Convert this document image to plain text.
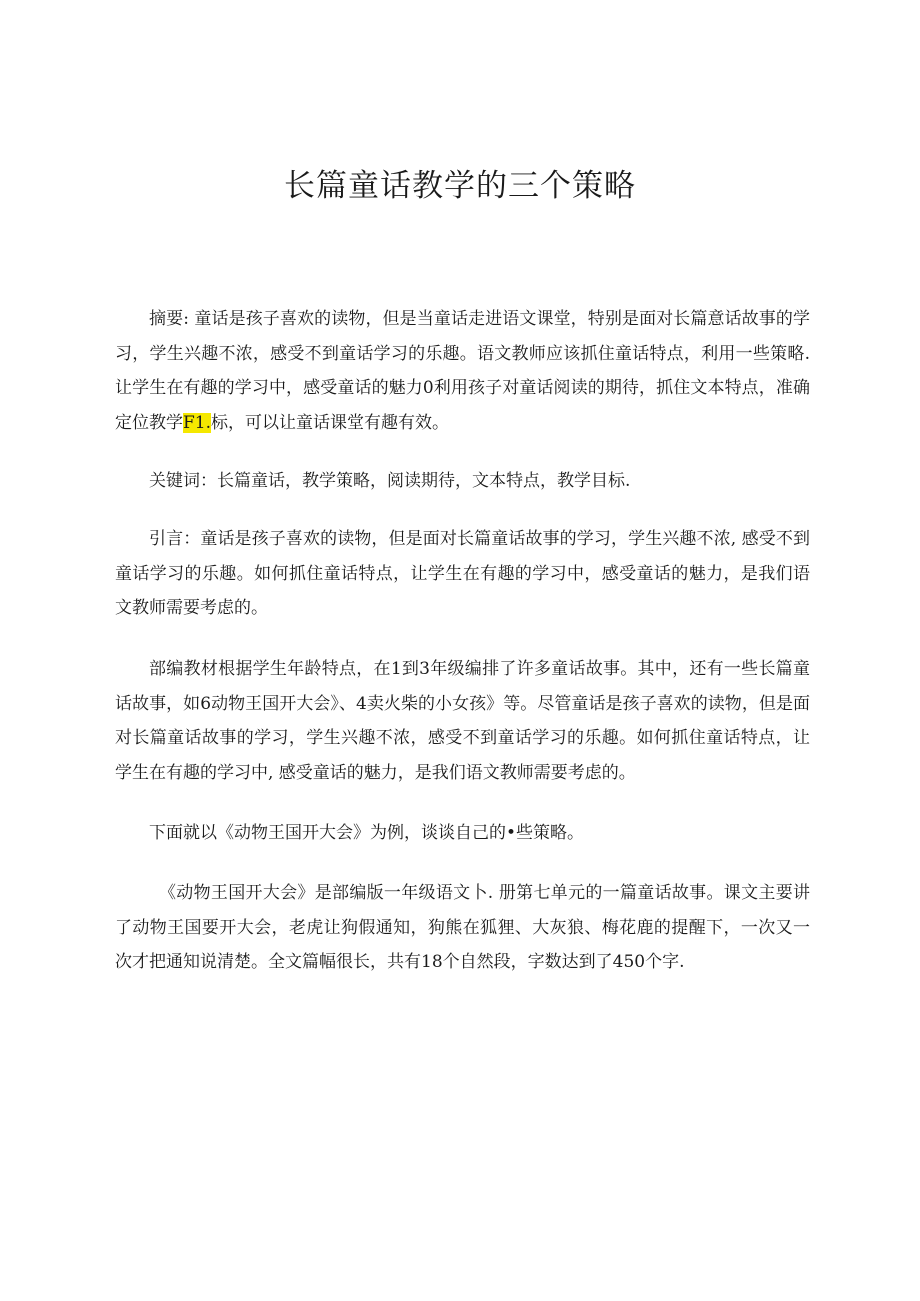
长篇童话教学的三个策略

摘要: 童话是孩子喜欢的读物，但是当童话走进语文课堂，特别是面对长篇意话故事的学习，学生兴趣不浓，感受不到童话学习的乐趣。语文教师应该抓住童话特点，利用一些策略. 让学生在有趣的学习中，感受童话的魅力0利用孩子对童话阅读的期待，抓住文本特点，准确定位教学F1.标，可以让童话课堂有趣有效。

关键词：长篇童话，教学策略，阅读期待，文本特点，教学目标.

引言：童话是孩子喜欢的读物，但是面对长篇童话故事的学习，学生兴趣不浓, 感受不到童话学习的乐趣。如何抓住童话特点，让学生在有趣的学习中，感受童话的魅力，是我们语文教师需要考虑的。

部编教材根据学生年龄特点，在1到3年级编排了许多童话故事。其中，还有一些长篇童话故事，如6动物王国开大会》、4卖火柴的小女孩》等。尽管童话是孩子喜欢的读物，但是面对长篇童话故事的学习，学生兴趣不浓，感受不到童话学习的乐趣。如何抓住童话特点，让学生在有趣的学习中, 感受童话的魅力，是我们语文教师需要考虑的。

下面就以《动物王国开大会》为例，谈谈自己的•些策略。

《动物王国开大会》是部编版一年级语文卜. 册第七单元的一篇童话故事。课文主要讲了动物王国要开大会，老虎让狗假通知，狗熊在狐狸、大灰狼、梅花鹿的提醒下，一次又一次才把通知说清楚。全文篇幅很长，共有18个自然段，字数达到了450个字.
